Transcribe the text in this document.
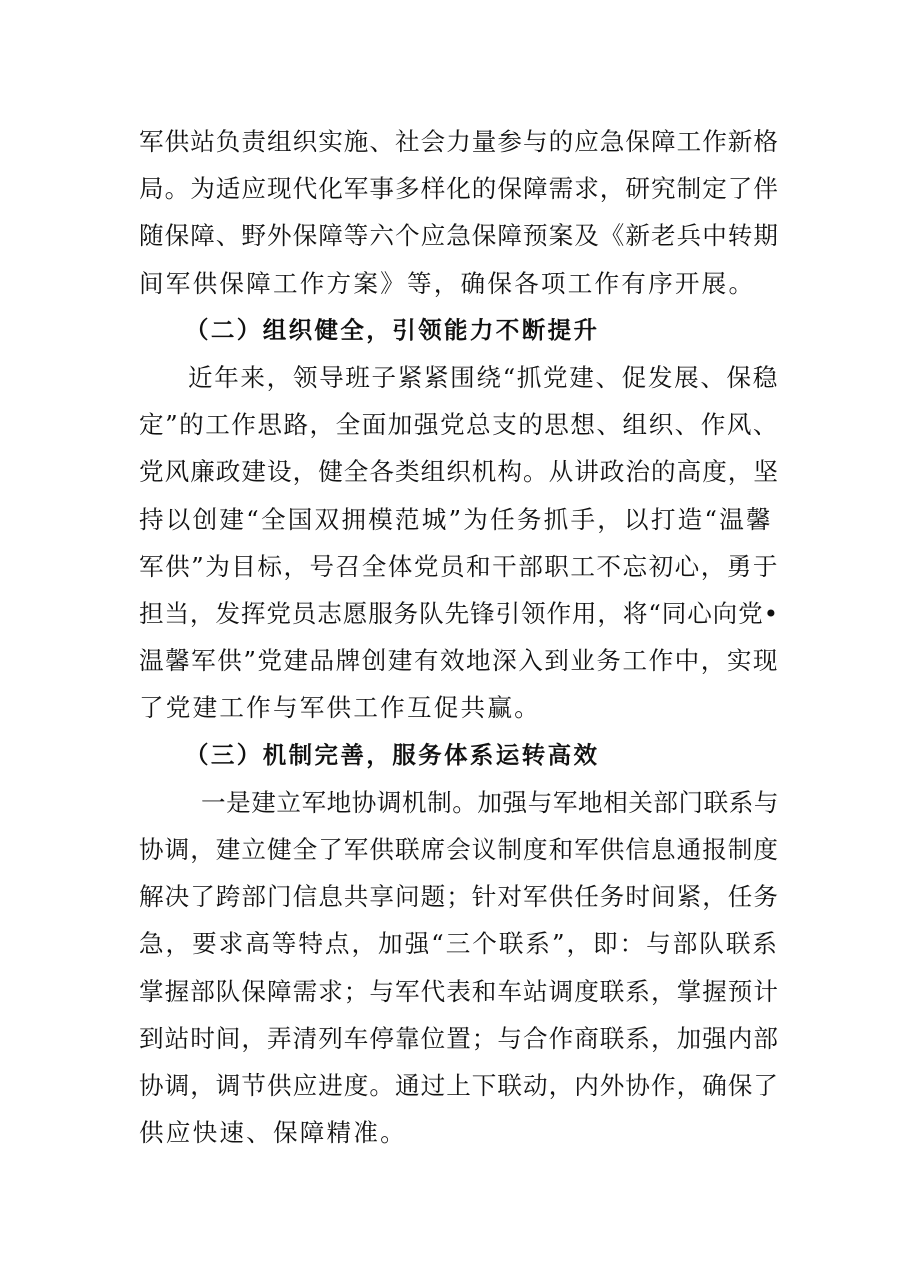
军供站负责组织实施、社会力量参与的应急保障工作新格
局。为适应现代化军事多样化的保障需求，研究制定了伴
随保障、野外保障等六个应急保障预案及《新老兵中转期
间军供保障工作方案》等，确保各项工作有序开展。

（二）组织健全，引领能力不断提升

近年来，领导班子紧紧围绕“抓党建、促发展、保稳
定”的工作思路，全面加强党总支的思想、组织、作风、
党风廉政建设，健全各类组织机构。从讲政治的高度，坚
持以创建“全国双拥模范城”为任务抓手，以打造“温馨
军供”为目标，号召全体党员和干部职工不忘初心，勇于
担当，发挥党员志愿服务队先锋引领作用，将“同心向党•
温馨军供”党建品牌创建有效地深入到业务工作中，实现
了党建工作与军供工作互促共赢。

（三）机制完善，服务体系运转高效

一是建立军地协调机制。加强与军地相关部门联系与
协调，建立健全了军供联席会议制度和军供信息通报制度
解决了跨部门信息共享问题；针对军供任务时间紧，任务
急，要求高等特点，加强“三个联系”，即：与部队联系
掌握部队保障需求；与军代表和车站调度联系，掌握预计
到站时间，弄清列车停靠位置；与合作商联系，加强内部
协调，调节供应进度。通过上下联动，内外协作，确保了
供应快速、保障精准。
